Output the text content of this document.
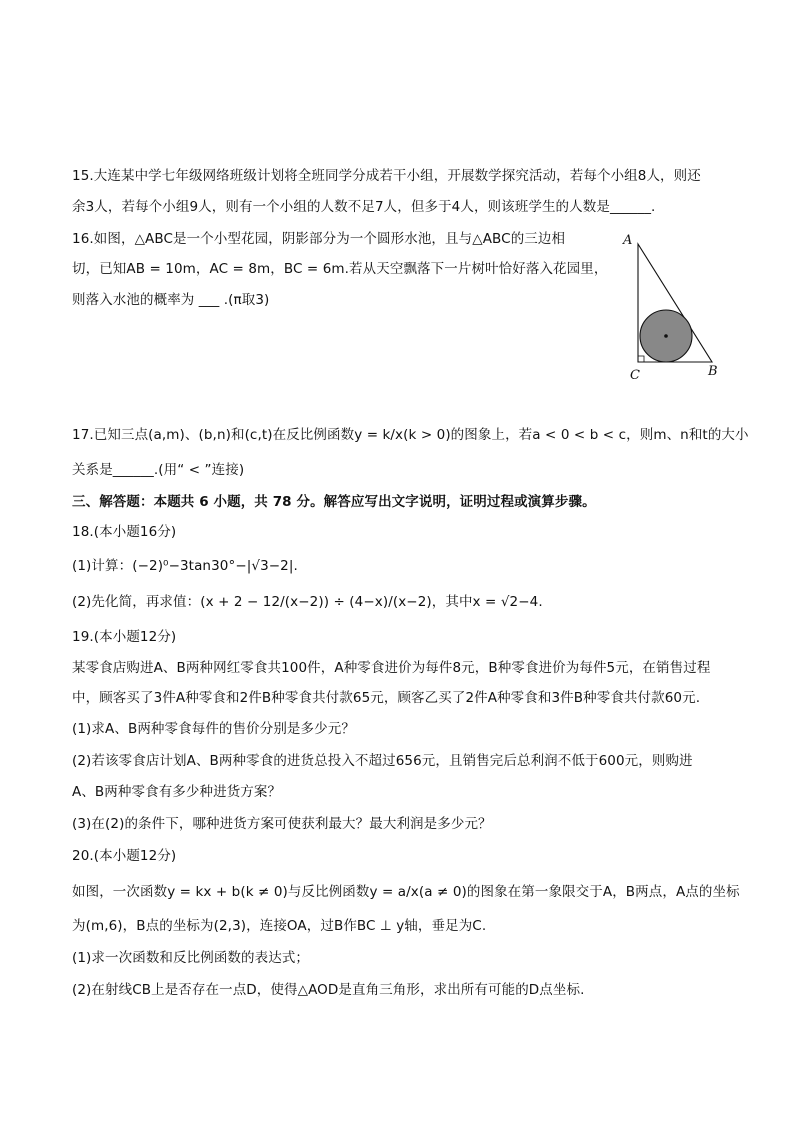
15.大连某中学七年级网络班级计划将全班同学分成若干小组，开展数学探究活动，若每个小组8人，则还
余3人，若每个小组9人，则有一个小组的人数不足7人，但多于4人，则该班学生的人数是______.
16.如图，△ABC是一个小型花园，阴影部分为一个圆形水池，且与△ABC的三边相
切，已知AB = 10m，AC = 8m，BC = 6m.若从天空飘落下一片树叶恰好落入花园里，
则落入水池的概率为 ___ .(π取3)
A
C	B
17.已知三点(a,m)、(b,n)和(c,t)在反比例函数y = k/x(k > 0)的图象上，若a < 0 < b < c，则m、n和t的大小
关系是______.(用“ < ”连接)
三、解答题：本题共 6 小题，共 78 分。解答应写出文字说明，证明过程或演算步骤。
18.(本小题16分)
(1)计算：(−2)⁰−3tan30°−|√3−2|.
(2)先化简，再求值：(x + 2 − 12/(x−2)) ÷ (4−x)/(x−2)，其中x = √2−4.
19.(本小题12分)
某零食店购进A、B两种网红零食共100件，A种零食进价为每件8元，B种零食进价为每件5元，在销售过程
中，顾客买了3件A种零食和2件B种零食共付款65元，顾客乙买了2件A种零食和3件B种零食共付款60元.
(1)求A、B两种零食每件的售价分别是多少元？
(2)若该零食店计划A、B两种零食的进货总投入不超过656元，且销售完后总利润不低于600元，则购进
A、B两种零食有多少种进货方案？
(3)在(2)的条件下，哪种进货方案可使获利最大？最大利润是多少元？
20.(本小题12分)
如图，一次函数y = kx + b(k ≠ 0)与反比例函数y = a/x(a ≠ 0)的图象在第一象限交于A，B两点，A点的坐标
为(m,6)，B点的坐标为(2,3)，连接OA，过B作BC ⊥ y轴，垂足为C.
(1)求一次函数和反比例函数的表达式；
(2)在射线CB上是否存在一点D，使得△AOD是直角三角形，求出所有可能的D点坐标.
